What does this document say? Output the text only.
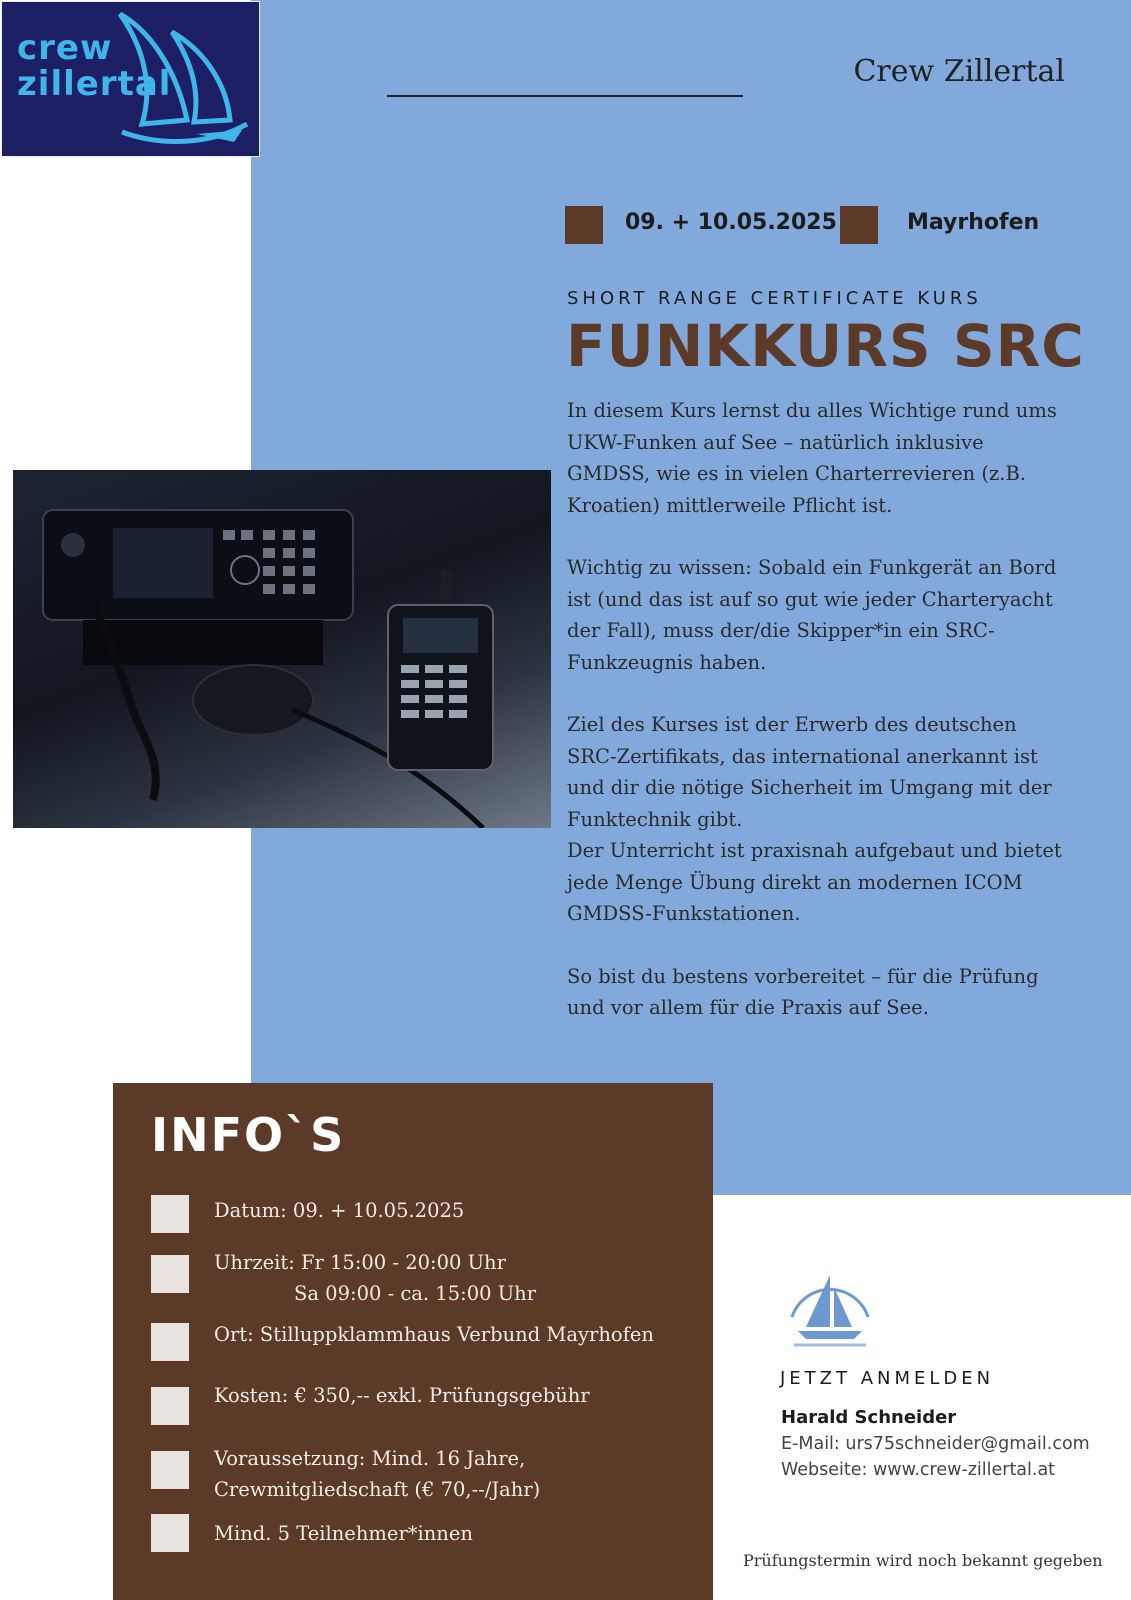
crew
zillertal	Crew Zillertal
09. + 10.05.2025	Mayrhofen
SHORT RANGE CERTIFICATE KURS
FUNKKURS SRC

In diesem Kurs lernst du alles Wichtige rund ums UKW-Funken auf See – natürlich inklusive GMDSS, wie es in vielen Charterrevieren (z.B. Kroatien) mittlerweile Pflicht ist.

Wichtig zu wissen: Sobald ein Funkgerät an Bord ist (und das ist auf so gut wie jeder Charteryacht der Fall), muss der/die Skipper*in ein SRC-Funkzeugnis haben.

Ziel des Kurses ist der Erwerb des deutschen SRC-Zertifikats, das international anerkannt ist und dir die nötige Sicherheit im Umgang mit der Funktechnik gibt.

Der Unterricht ist praxisnah aufgebaut und bietet jede Menge Übung direkt an modernen ICOM GMDSS-Funkstationen.

So bist du bestens vorbereitet – für die Prüfung und vor allem für die Praxis auf See.

INFO`S
Datum: 09. + 10.05.2025
Uhrzeit: Fr 15:00 - 20:00 Uhr
Sa 09:00 - ca. 15:00 Uhr
Ort: Stilluppklammhaus Verbund Mayrhofen
Kosten: € 350,-- exkl. Prüfungsgebühr
Voraussetzung: Mind. 16 Jahre,
Crewmitgliedschaft (€ 70,--/Jahr)
Mind. 5 Teilnehmer*innen
JETZT ANMELDEN
Harald Schneider
E-Mail: urs75schneider@gmail.com
Webseite: www.crew-zillertal.at
Prüfungstermin wird noch bekannt gegeben
